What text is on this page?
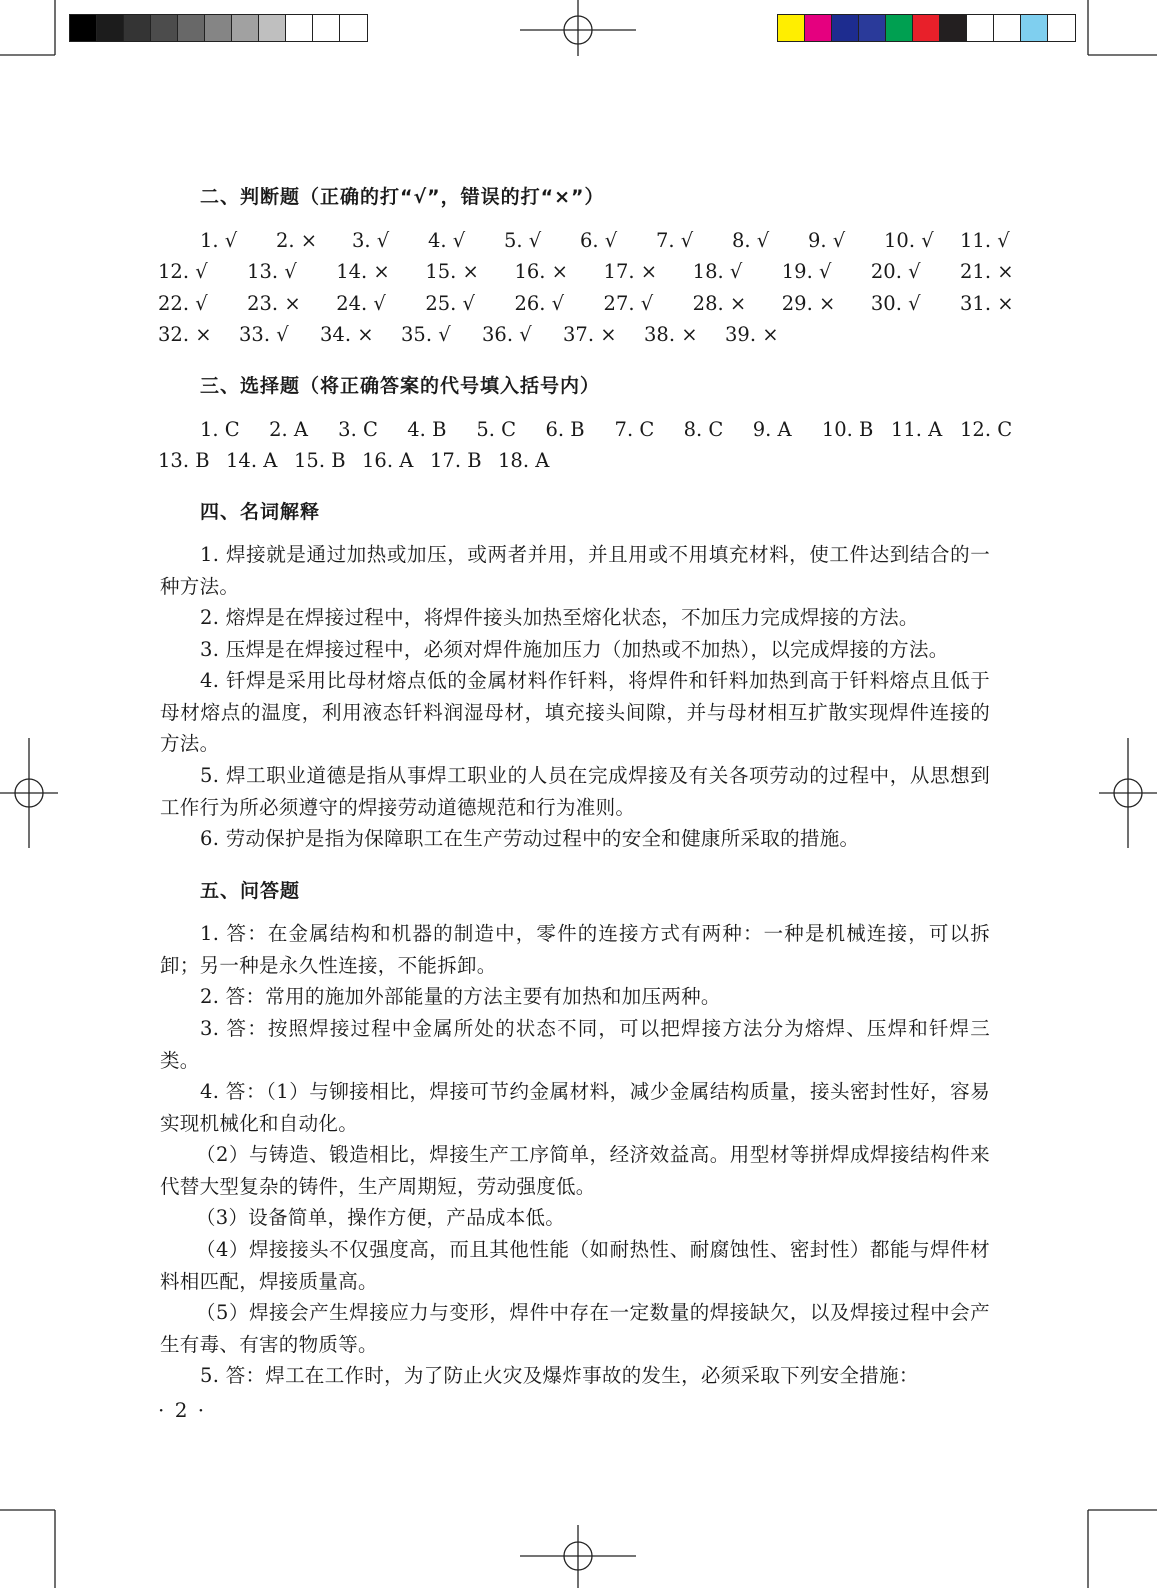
二、判断题（正确的打“√”，错误的打“×”）
1. √ 2. × 3. √ 4. √ 5. √ 6. √ 7. √ 8. √ 9. √ 10. √ 11. √
12. √ 13. √ 14. × 15. × 16. × 17. × 18. √ 19. √ 20. √ 21. ×
22. √ 23. × 24. √ 25. √ 26. √ 27. √ 28. × 29. × 30. √ 31. ×
32. × 33. √ 34. × 35. √ 36. √ 37. × 38. × 39. ×
三、选择题（将正确答案的代号填入括号内）
1. C 2. A 3. C 4. B 5. C 6. B 7. C 8. C 9. A 10. B 11. A 12. C
13. B 14. A 15. B 16. A 17. B 18. A
四、名词解释
1. 焊接就是通过加热或加压，或两者并用，并且用或不用填充材料，使工件达到结合的一种方法。
2. 熔焊是在焊接过程中，将焊件接头加热至熔化状态，不加压力完成焊接的方法。
3. 压焊是在焊接过程中，必须对焊件施加压力（加热或不加热），以完成焊接的方法。
4. 钎焊是采用比母材熔点低的金属材料作钎料，将焊件和钎料加热到高于钎料熔点且低于母材熔点的温度，利用液态钎料润湿母材，填充接头间隙，并与母材相互扩散实现焊件连接的方法。
5. 焊工职业道德是指从事焊工职业的人员在完成焊接及有关各项劳动的过程中，从思想到工作行为所必须遵守的焊接劳动道德规范和行为准则。
6. 劳动保护是指为保障职工在生产劳动过程中的安全和健康所采取的措施。
五、问答题
1. 答：在金属结构和机器的制造中，零件的连接方式有两种：一种是机械连接，可以拆卸；另一种是永久性连接，不能拆卸。
2. 答：常用的施加外部能量的方法主要有加热和加压两种。
3. 答：按照焊接过程中金属所处的状态不同，可以把焊接方法分为熔焊、压焊和钎焊三类。
4. 答：（1）与铆接相比，焊接可节约金属材料，减少金属结构质量，接头密封性好，容易实现机械化和自动化。
（2）与铸造、锻造相比，焊接生产工序简单，经济效益高。用型材等拼焊成焊接结构件来代替大型复杂的铸件，生产周期短，劳动强度低。
（3）设备简单，操作方便，产品成本低。
（4）焊接接头不仅强度高，而且其他性能（如耐热性、耐腐蚀性、密封性）都能与焊件材料相匹配，焊接质量高。
（5）焊接会产生焊接应力与变形，焊件中存在一定数量的焊接缺欠，以及焊接过程中会产生有毒、有害的物质等。
5. 答：焊工在工作时，为了防止火灾及爆炸事故的发生，必须采取下列安全措施：
· 2 ·
